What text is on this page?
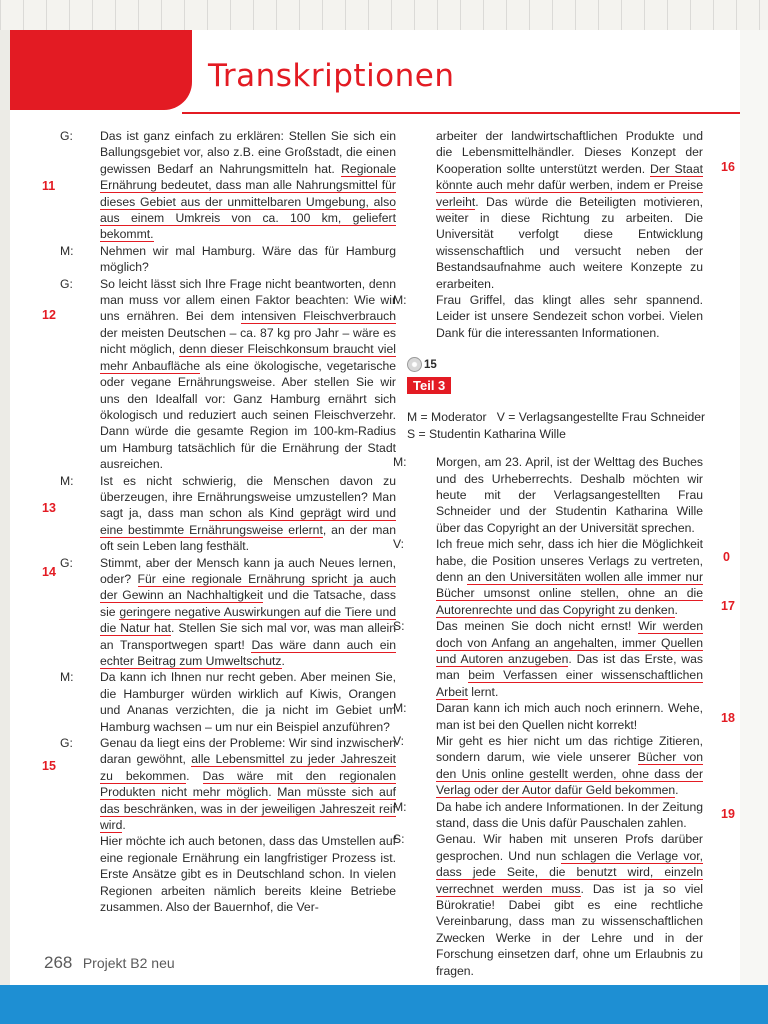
Transkriptionen
G:	Das ist ganz einfach zu erklären: Stellen Sie sich ein Ballungsgebiet vor, also z.B. eine Großstadt, die einen gewissen Bedarf an Nahrungsmitteln hat. Regionale Ernährung bedeutet, dass man alle Nahrungsmittel für dieses Gebiet aus der unmittelbaren Umgebung, also aus einem Umkreis von ca. 100 km, geliefert bekommt.
M:	Nehmen wir mal Hamburg. Wäre das für Hamburg möglich?
G:	So leicht lässt sich Ihre Frage nicht beantworten, denn man muss vor allem einen Faktor beachten: Wie wir uns ernähren. Bei dem intensiven Fleischverbrauch der meisten Deutschen – ca. 87 kg pro Jahr – wäre es nicht möglich, denn dieser Fleischkonsum braucht viel mehr Anbaufläche als eine ökologische, vegetarische oder vegane Ernährungsweise. Aber stellen Sie wir uns den Idealfall vor: Ganz Hamburg ernährt sich ökologisch und reduziert auch seinen Fleischverzehr. Dann würde die gesamte Region im 100-km-Radius um Hamburg tatsächlich für die Ernährung der Stadt ausreichen.
M:	Ist es nicht schwierig, die Menschen davon zu überzeugen, ihre Ernährungsweise umzustellen? Man sagt ja, dass man schon als Kind geprägt wird und eine bestimmte Ernährungsweise erlernt, an der man oft sein Leben lang festhält.
G:	Stimmt, aber der Mensch kann ja auch Neues lernen, oder? Für eine regionale Ernährung spricht ja auch der Gewinn an Nachhaltigkeit und die Tatsache, dass sie geringere negative Auswirkungen auf die Tiere und die Natur hat. Stellen Sie sich mal vor, was man allein an Transportwegen spart! Das wäre dann auch ein echter Beitrag zum Umweltschutz.
M:	Da kann ich Ihnen nur recht geben. Aber meinen Sie, die Hamburger würden wirklich auf Kiwis, Orangen und Ananas verzichten, die ja nicht im Gebiet um Hamburg wachsen – um nur ein Beispiel anzuführen?
G:	Genau da liegt eins der Probleme: Wir sind inzwischen daran gewöhnt, alle Lebensmittel zu jeder Jahreszeit zu bekommen. Das wäre mit den regionalen Produkten nicht mehr möglich. Man müsste sich auf das beschränken, was in der jeweiligen Jahreszeit reif wird.
Hier möchte ich auch betonen, dass das Umstellen auf eine regionale Ernährung ein langfristiger Prozess ist. Erste Ansätze gibt es in Deutschland schon. In vielen Regionen arbeiten nämlich bereits kleine Betriebe zusammen. Also der Bauernhof, die Ver-
arbeiter der landwirtschaftlichen Produkte und die Lebensmittelhändler. Dieses Konzept der Kooperation sollte unterstützt werden. Der Staat könnte auch mehr dafür werben, indem er Preise verleiht. Das würde die Beteiligten motivieren, weiter in diese Richtung zu arbeiten. Die Universität verfolgt diese Entwicklung wissenschaftlich und versucht neben der Bestandsaufnahme auch weitere Konzepte zu erarbeiten.
M:	Frau Griffel, das klingt alles sehr spannend. Leider ist unsere Sendezeit schon vorbei. Vielen Dank für die interessanten Informationen.
15
Teil 3
M = Moderator   V = Verlagsangestellte Frau Schneider
S = Studentin Katharina Wille
M:	Morgen, am 23. April, ist der Welttag des Buches und des Urheberrechts. Deshalb möchten wir heute mit der Verlagsangestellten Frau Schneider und der Studentin Katharina Wille über das Copyright an der Universität sprechen.
V:	Ich freue mich sehr, dass ich hier die Möglichkeit habe, die Position unseres Verlags zu vertreten, denn an den Universitäten wollen alle immer nur Bücher umsonst online stellen, ohne an die Autorenrechte und das Copyright zu denken.
S:	Das meinen Sie doch nicht ernst! Wir werden doch von Anfang an angehalten, immer Quellen und Autoren anzugeben. Das ist das Erste, was man beim Verfassen einer wissenschaftlichen Arbeit lernt.
M:	Daran kann ich mich auch noch erinnern. Wehe, man ist bei den Quellen nicht korrekt!
V:	Mir geht es hier nicht um das richtige Zitieren, sondern darum, wie viele unserer Bücher von den Unis online gestellt werden, ohne dass der Verlag oder der Autor dafür Geld bekommen.
M:	Da habe ich andere Informationen. In der Zeitung stand, dass die Unis dafür Pauschalen zahlen.
S:	Genau. Wir haben mit unseren Profs darüber gesprochen. Und nun schlagen die Verlage vor, dass jede Seite, die benutzt wird, einzeln verrechnet werden muss. Das ist ja so viel Bürokratie! Dabei gibt es eine rechtliche Vereinbarung, dass man zu wissenschaftlichen Zwecken Werke in der Lehre und in der Forschung einsetzen darf, ohne um Erlaubnis zu fragen.
11
12
13
14
15
16
0
17
18
19
268 Projekt B2 neu
